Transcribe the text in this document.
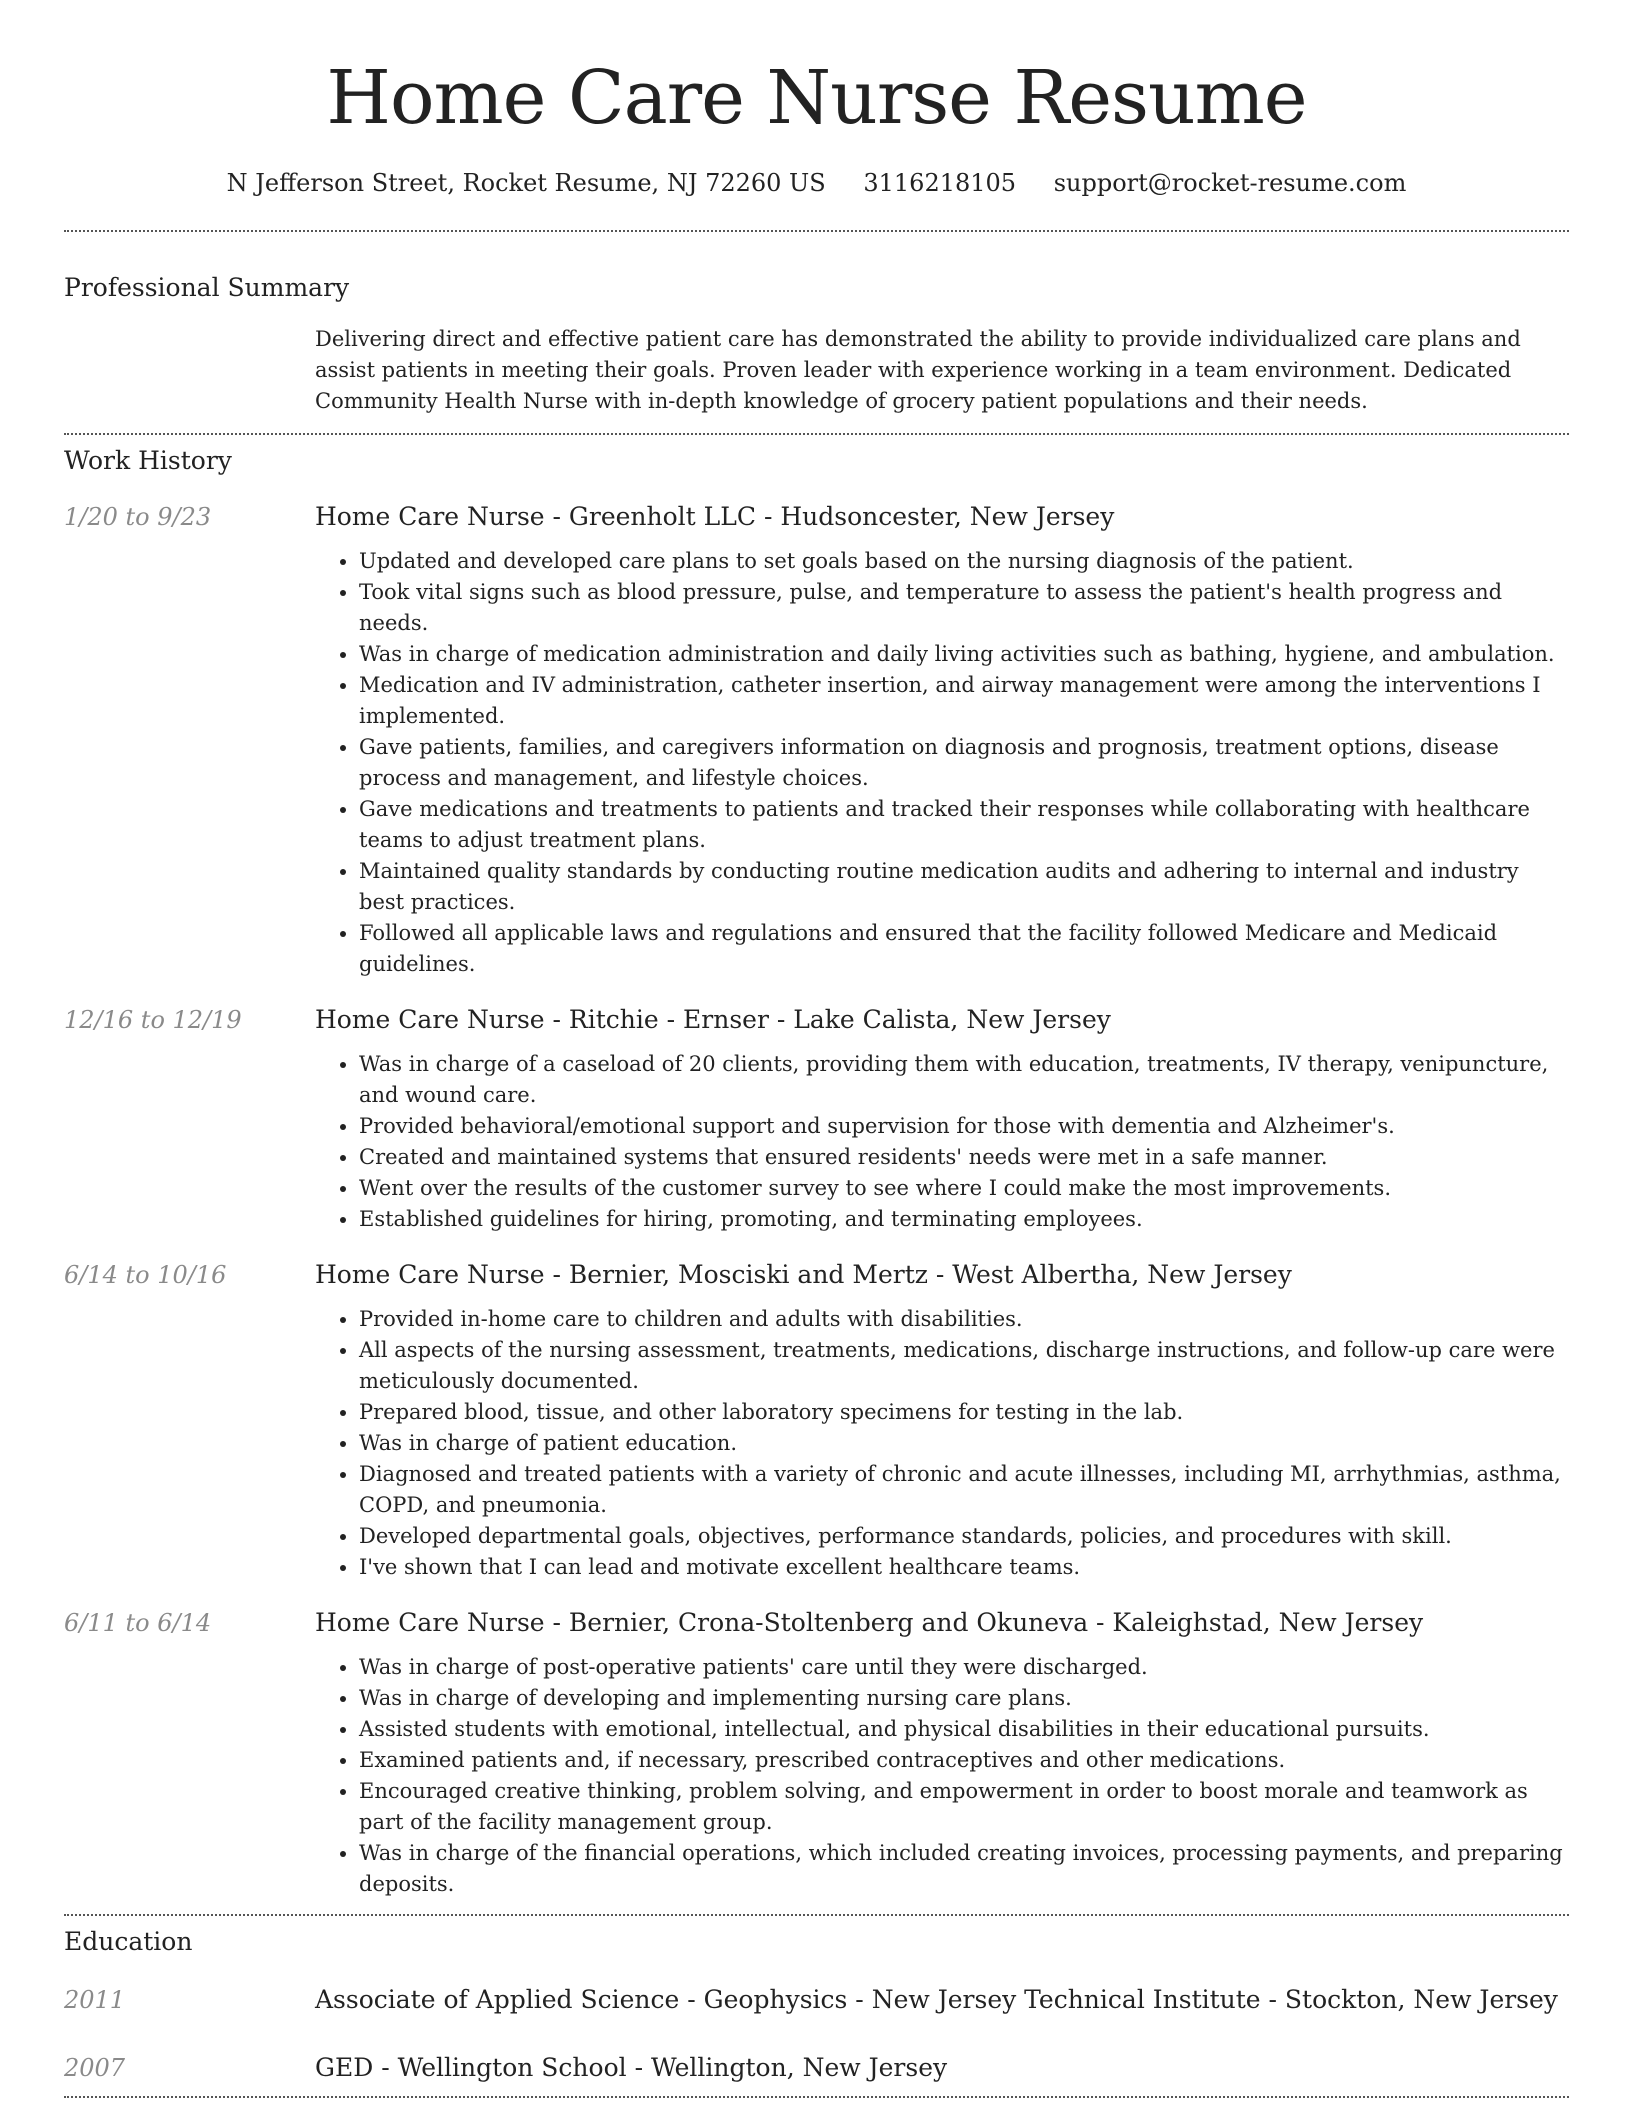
Home Care Nurse Resume
N Jefferson Street, Rocket Resume, NJ 72260 US 3116218105 support@rocket-resume.com
Professional Summary
Delivering direct and effective patient care has demonstrated the ability to provide individualized care plans and assist patients in meeting their goals. Proven leader with experience working in a team environment. Dedicated Community Health Nurse with in-depth knowledge of grocery patient populations and their needs.
Work History
1/20 to 9/23	Home Care Nurse - Greenholt LLC - Hudsoncester, New Jersey
• Updated and developed care plans to set goals based on the nursing diagnosis of the patient.
• Took vital signs such as blood pressure, pulse, and temperature to assess the patient's health progress and needs.
• Was in charge of medication administration and daily living activities such as bathing, hygiene, and ambulation.
• Medication and IV administration, catheter insertion, and airway management were among the interventions I implemented.
• Gave patients, families, and caregivers information on diagnosis and prognosis, treatment options, disease process and management, and lifestyle choices.
• Gave medications and treatments to patients and tracked their responses while collaborating with healthcare teams to adjust treatment plans.
• Maintained quality standards by conducting routine medication audits and adhering to internal and industry best practices.
• Followed all applicable laws and regulations and ensured that the facility followed Medicare and Medicaid guidelines.
12/16 to 12/19	Home Care Nurse - Ritchie - Ernser - Lake Calista, New Jersey
• Was in charge of a caseload of 20 clients, providing them with education, treatments, IV therapy, venipuncture, and wound care.
• Provided behavioral/emotional support and supervision for those with dementia and Alzheimer's.
• Created and maintained systems that ensured residents' needs were met in a safe manner.
• Went over the results of the customer survey to see where I could make the most improvements.
• Established guidelines for hiring, promoting, and terminating employees.
6/14 to 10/16	Home Care Nurse - Bernier, Mosciski and Mertz - West Albertha, New Jersey
• Provided in-home care to children and adults with disabilities.
• All aspects of the nursing assessment, treatments, medications, discharge instructions, and follow-up care were meticulously documented.
• Prepared blood, tissue, and other laboratory specimens for testing in the lab.
• Was in charge of patient education.
• Diagnosed and treated patients with a variety of chronic and acute illnesses, including MI, arrhythmias, asthma, COPD, and pneumonia.
• Developed departmental goals, objectives, performance standards, policies, and procedures with skill.
• I've shown that I can lead and motivate excellent healthcare teams.
6/11 to 6/14	Home Care Nurse - Bernier, Crona-Stoltenberg and Okuneva - Kaleighstad, New Jersey
• Was in charge of post-operative patients' care until they were discharged.
• Was in charge of developing and implementing nursing care plans.
• Assisted students with emotional, intellectual, and physical disabilities in their educational pursuits.
• Examined patients and, if necessary, prescribed contraceptives and other medications.
• Encouraged creative thinking, problem solving, and empowerment in order to boost morale and teamwork as part of the facility management group.
• Was in charge of the financial operations, which included creating invoices, processing payments, and preparing deposits.
Education
2011	Associate of Applied Science - Geophysics - New Jersey Technical Institute - Stockton, New Jersey
2007	GED - Wellington School - Wellington, New Jersey
